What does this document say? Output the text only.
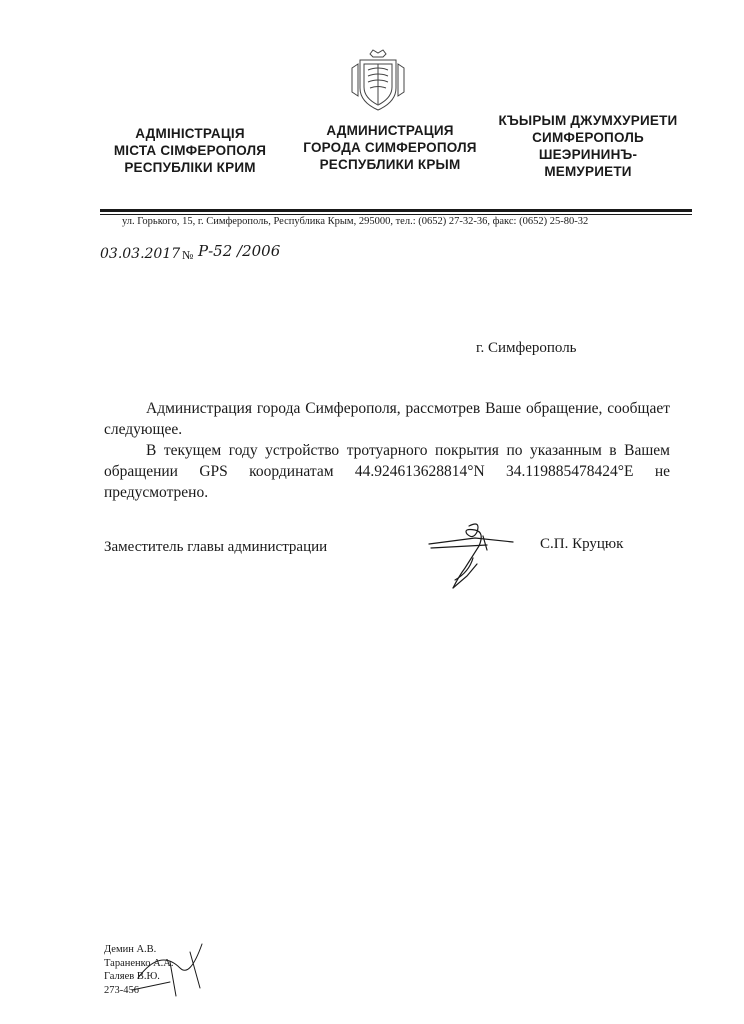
АДМІНІСТРАЦІЯ
МІСТА СІМФЕРОПОЛЯ
РЕСПУБЛІКИ КРИМ
АДМИНИСТРАЦИЯ
ГОРОДА СИМФЕРОПОЛЯ
РЕСПУБЛИКИ КРЫМ
КЪЫРЫМ ДЖУМХУРИЕТИ
СИМФЕРОПОЛЬ
ШЕЭРИНИНЪ-
МЕМУРИЕТИ
ул. Горького, 15, г. Симферополь, Республика Крым, 295000, тел.: (0652) 27-32-36, факс: (0652) 25-80-32
03.03.2017 № Р-52 /2006
г. Симферополь

Администрация города Симферополя, рассмотрев Ваше обращение, сообщает следующее.

В текущем году устройство тротуарного покрытия по указанным в Вашем обращении GPS координатам 44.924613628814°N 34.119885478424°E не предусмотрено.

Заместитель главы администрации	С.П. Круцюк
Демин А.В.
Тараненко А.А.
Галяев В.Ю.
273-456
